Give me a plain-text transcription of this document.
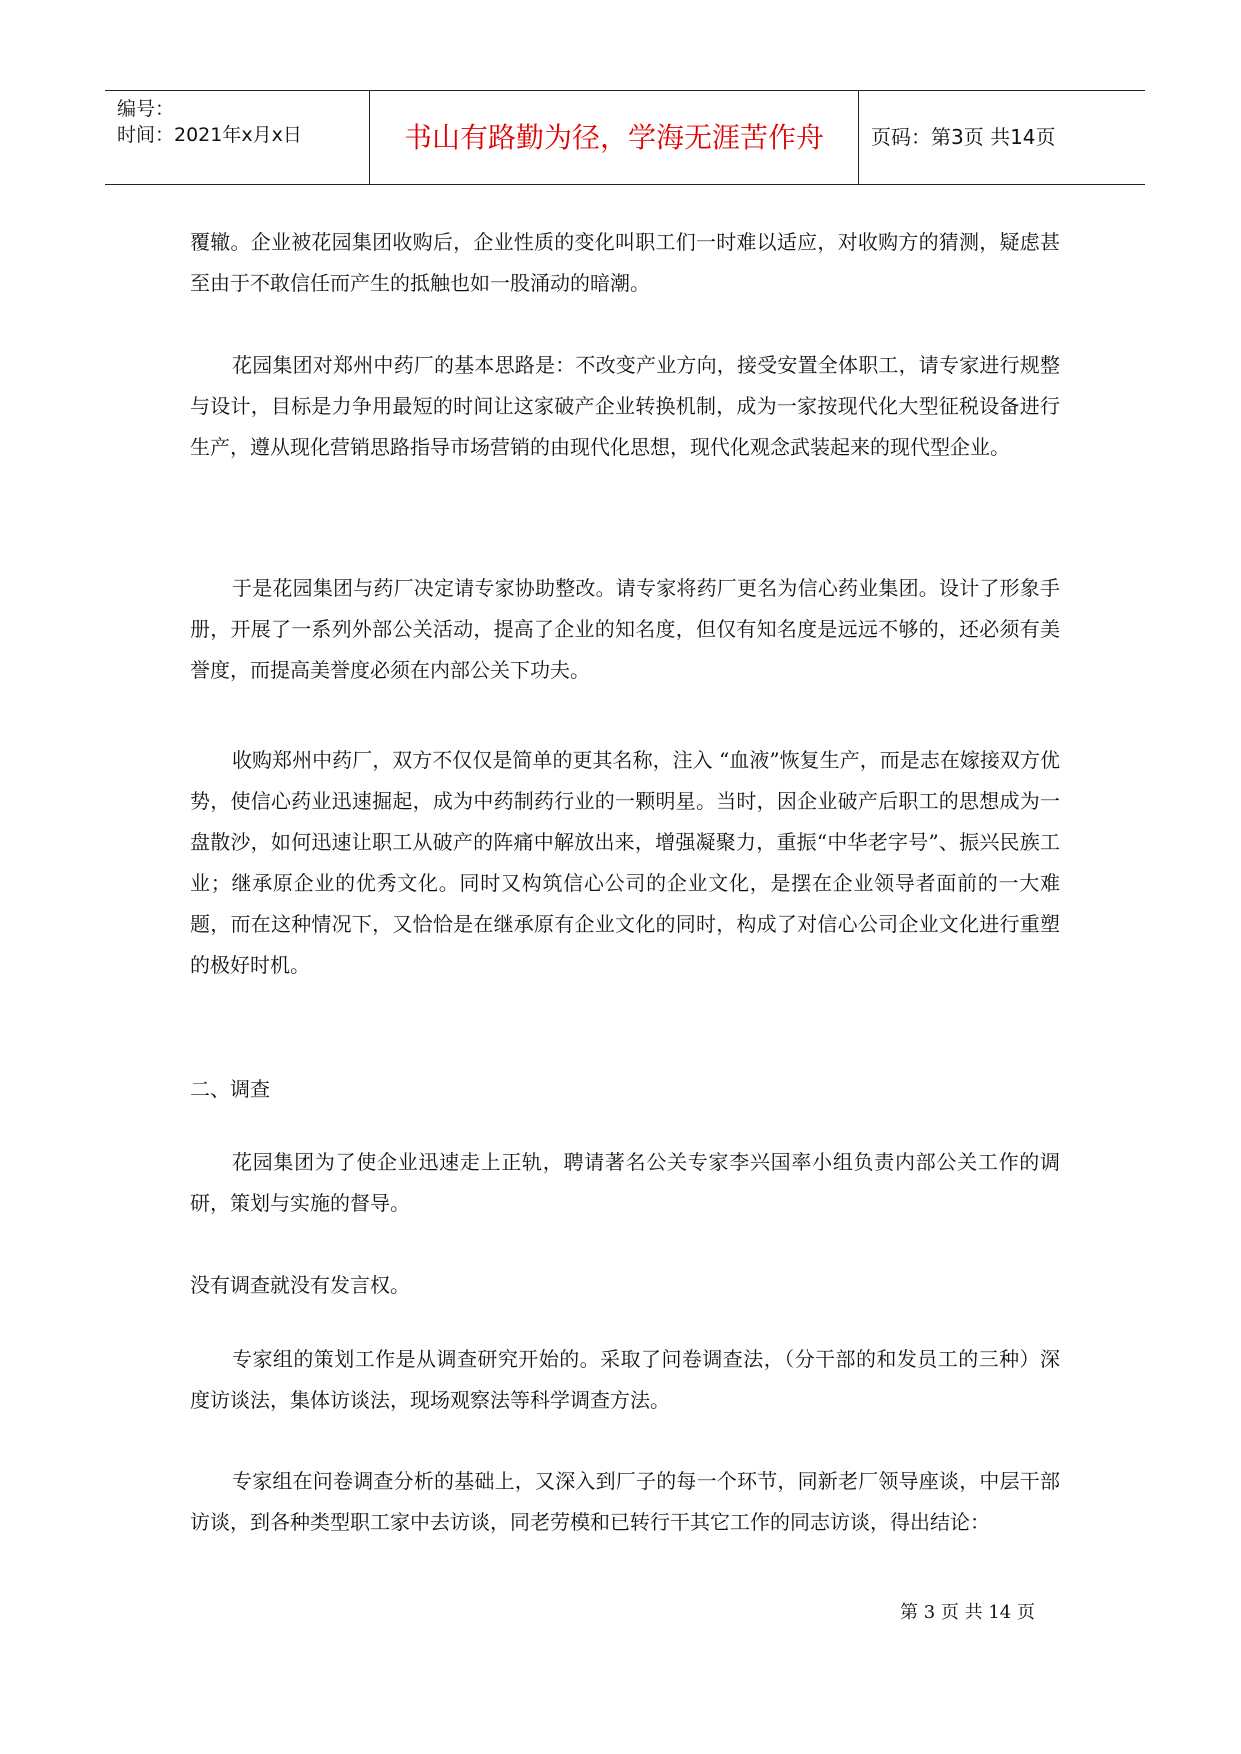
编号：
时间：2021年x月x日	书山有路勤为径，学海无涯苦作舟	页码：第3页 共14页
覆辙。企业被花园集团收购后，企业性质的变化叫职工们一时难以适应，对收购方的猜测，疑虑甚至由于不敢信任而产生的抵触也如一股涌动的暗潮。
花园集团对郑州中药厂的基本思路是：不改变产业方向，接受安置全体职工，请专家进行规整与设计，目标是力争用最短的时间让这家破产企业转换机制，成为一家按现代化大型征税设备进行生产，遵从现化营销思路指导市场营销的由现代化思想，现代化观念武装起来的现代型企业。
于是花园集团与药厂决定请专家协助整改。请专家将药厂更名为信心药业集团。设计了形象手册，开展了一系列外部公关活动，提高了企业的知名度，但仅有知名度是远远不够的，还必须有美誉度，而提高美誉度必须在内部公关下功夫。
收购郑州中药厂，双方不仅仅是简单的更其名称，注入 “血液”恢复生产，而是志在嫁接双方优势，使信心药业迅速掘起，成为中药制药行业的一颗明星。当时，因企业破产后职工的思想成为一盘散沙，如何迅速让职工从破产的阵痛中解放出来，增强凝聚力，重振“中华老字号”、振兴民族工业；继承原企业的优秀文化。同时又构筑信心公司的企业文化，是摆在企业领导者面前的一大难题，而在这种情况下，又恰恰是在继承原有企业文化的同时，构成了对信心公司企业文化进行重塑的极好时机。
二、调查
花园集团为了使企业迅速走上正轨，聘请著名公关专家李兴国率小组负责内部公关工作的调研，策划与实施的督导。
没有调查就没有发言权。
专家组的策划工作是从调查研究开始的。采取了问卷调查法，（分干部的和发员工的三种）深度访谈法，集体访谈法，现场观察法等科学调查方法。
专家组在问卷调查分析的基础上，又深入到厂子的每一个环节，同新老厂领导座谈，中层干部访谈，到各种类型职工家中去访谈，同老劳模和已转行干其它工作的同志访谈，得出结论：
第 3 页 共 14 页
